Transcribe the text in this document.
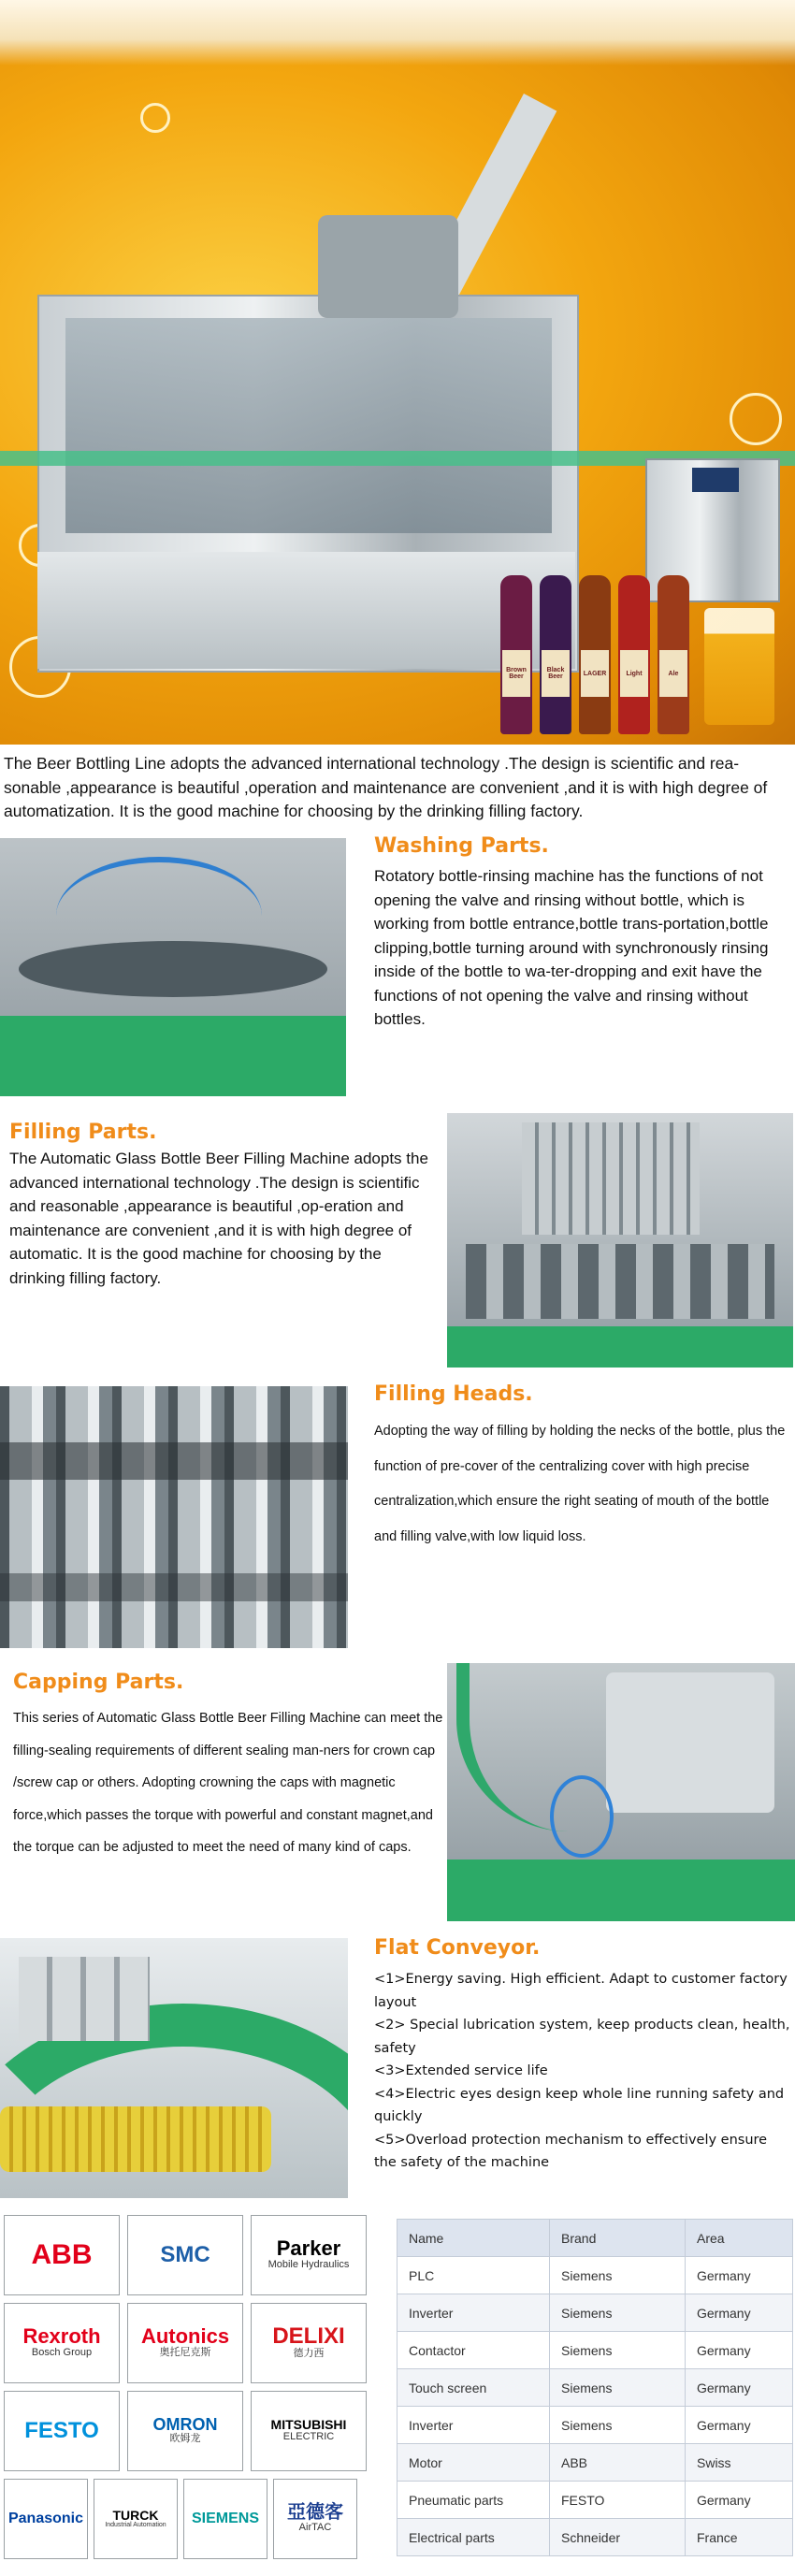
Brown Beer
Black Beer	LAGER	Light	Ale

The Beer Bottling Line adopts the advanced international technology .The design is scientific and rea-sonable ,appearance is beautiful ,operation and maintenance are convenient ,and it is with high degree of automatization. It is the good machine for choosing by the drinking filling factory.

Washing Parts.

Rotatory bottle-rinsing machine has the functions of not opening the valve and rinsing without bottle, which is working from bottle entrance,bottle trans-portation,bottle clipping,bottle turning around with synchronously rinsing inside of the bottle to wa-ter-dropping and exit have the functions of not opening the valve and rinsing without bottles.

Filling Parts.

The Automatic Glass Bottle Beer Filling Machine adopts the advanced international technology .The design is scientific and reasonable ,appearance is beautiful ,op-eration and maintenance are convenient ,and it is with high degree of automatic. It is the good machine for choosing by the drinking filling factory.

Filling Heads.

Adopting the way of filling by holding the necks of the bottle, plus the function of pre-cover of the centralizing cover with high precise centralization,which ensure the right seating of mouth of the bottle and filling valve,with low liquid loss.

Capping Parts.

This series of Automatic Glass Bottle Beer Filling Machine can meet the filling-sealing requirements of different sealing man-ners for crown cap /screw cap or others. Adopting crowning the caps with magnetic force,which passes the torque with powerful and constant magnet,and the torque can be adjusted to meet the need of many kind of caps.

Flat Conveyor.

<1>Energy saving. High efficient. Adapt to customer factory layout

<2> Special lubrication system, keep products clean, health, safety

<3>Extended service life

<4>Electric eyes design keep whole line running safety and quickly

<5>Overload protection mechanism to effectively ensure the safety of the machine

ABB	SMC	Parker
Mobile Hydraulics
Rexroth
Bosch Group
Autonics
奥托尼克斯
DELIXI
德力西
FESTO	OMRON
欧姆龙
MITSUBISHI
ELECTRIC
Panasonic TURCK
Industrial Automation SIEMENS 亞德客
AirTAC
Name	Brand	Area
PLC	Siemens	Germany
Inverter	Siemens	Germany
Contactor	Siemens	Germany
Touch screen	Siemens	Germany
Inverter	Siemens	Germany
Motor	ABB	Swiss
Pneumatic parts	FESTO	Germany
Electrical parts	Schneider	France
